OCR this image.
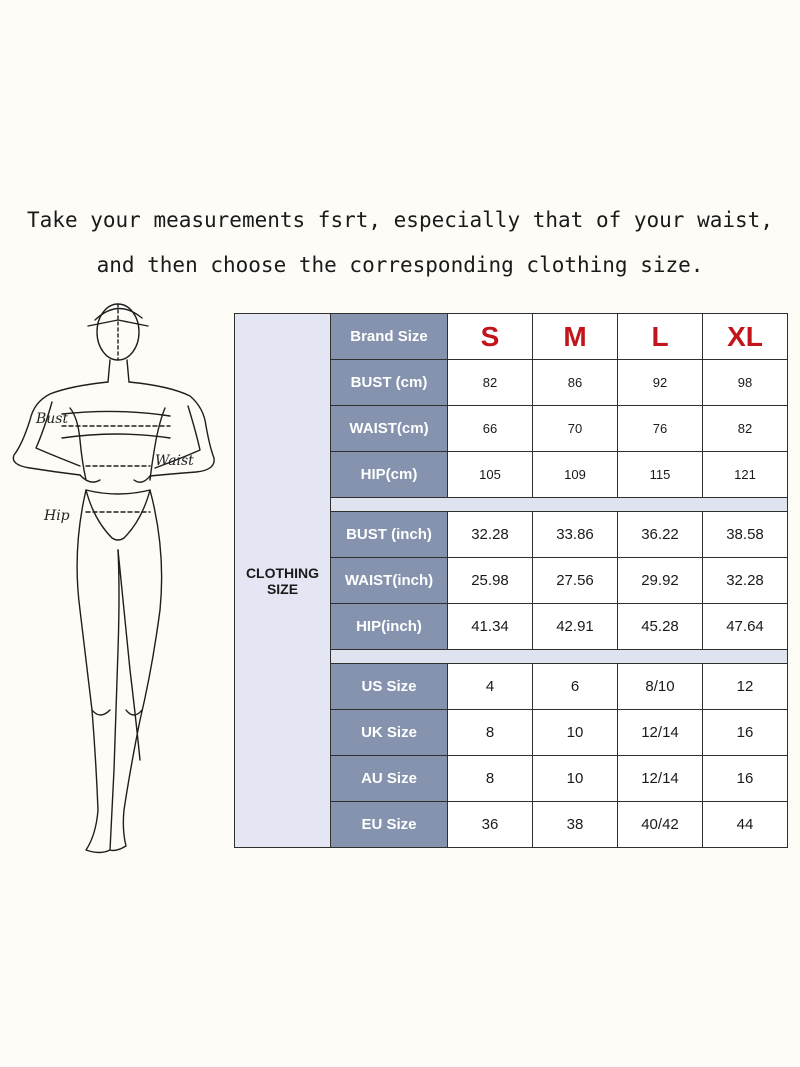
Take your measurements fsrt, especially that of your waist,
and then choose the corresponding clothing size.
Bust
Waist
Hip
CLOTHING
SIZE	Brand Size	S	M	L	XL
	BUST (cm)	82	86	92	98
	WAIST(cm)	66	70	76	82
	HIP(cm)	105	109	115	121

	BUST (inch)	32.28	33.86	36.22	38.58
	WAIST(inch)	25.98	27.56	29.92	32.28
	HIP(inch)	41.34	42.91	45.28	47.64

	US Size	4	6	8/10	12
	UK Size	8	10	12/14	16
	AU Size	8	10	12/14	16
	EU Size	36	38	40/42	44
